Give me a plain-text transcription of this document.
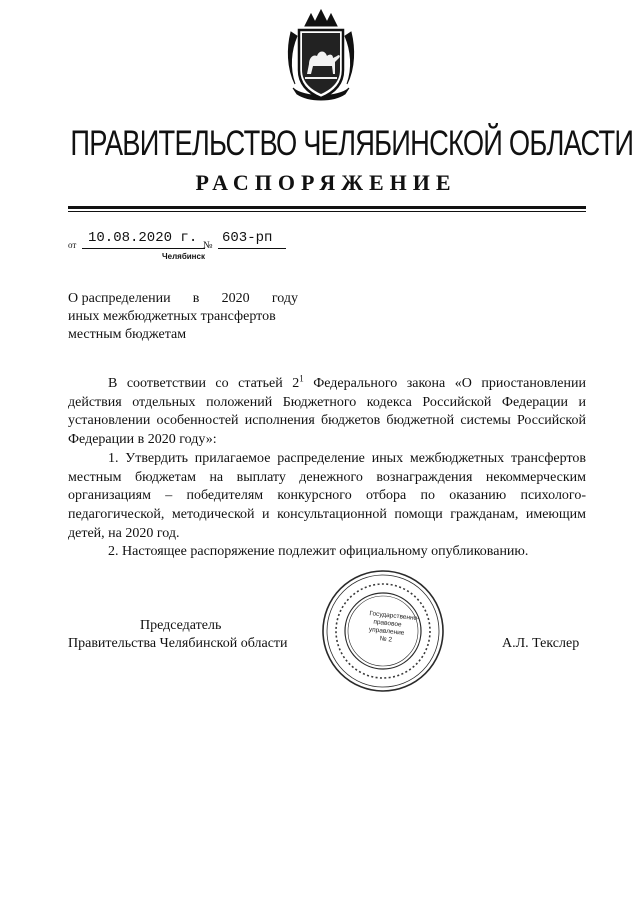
ПРАВИТЕЛЬСТВО ЧЕЛЯБИНСКОЙ ОБЛАСТИ
РАСПОРЯЖЕНИЕ
от 10.08.2020 г. № 603-рп
Челябинск
О распределении в 2020 году
иных межбюджетных трансфертов
местным бюджетам

В соответствии со статьей $2^1$ Федерального закона «О приостановлении действия отдельных положений Бюджетного кодекса Российской Федерации и установлении особенностей исполнения бюджетов бюджетной системы Российской Федерации в 2020 году»:

1. Утвердить прилагаемое распределение иных межбюджетных трансфертов местным бюджетам на выплату денежного вознаграждения некоммерческим организациям – победителям конкурсного отбора по оказанию психолого-педагогической, методической и консультационной помощи гражданам, имеющим детей, на 2020 год.

2. Настоящее распоряжение подлежит официальному опубликованию.

Государственно-правовое управление № 2
Председатель
Правительства Челябинской области	А.Л. Текслер
